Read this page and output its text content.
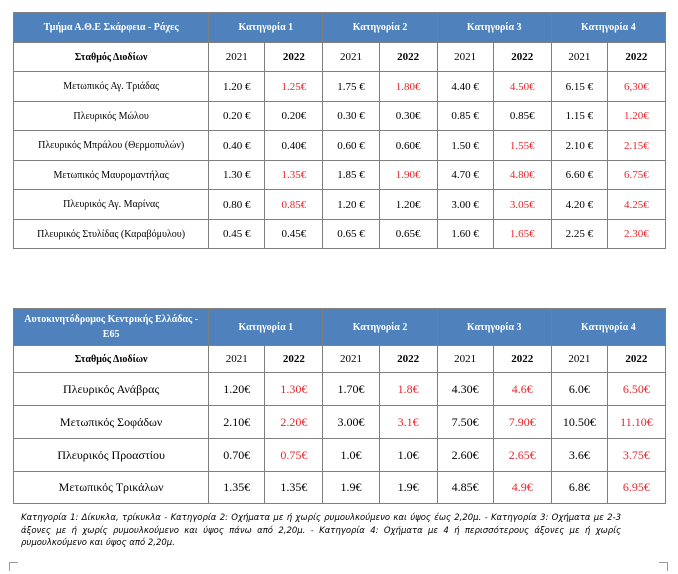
Τμήμα Α.Θ.Ε Σκάρφεια - Ράχες	Κατηγορία 1		Κατηγορία 2		Κατηγορία 3		Κατηγορία 4	
Σταθμός Διοδίων	2021	2022	2021	2022	2021	2022	2021	2022
Μετωπικός Αγ. Τριάδας	1.20 €	1.25€	1.75 €	1.80€	4.40 €	4.50€	6.15 €	6,30€
Πλευρικός Μώλου	0.20 €	0.20€	0.30 €	0.30€	0.85 €	0.85€	1.15 €	1.20€
Πλευρικός Μπράλου (Θερμοπυλών)	0.40 €	0.40€	0.60 €	0.60€	1.50 €	1.55€	2.10 €	2.15€
Μετωπικός Μαυρομαντήλας	1.30 €	1.35€	1.85 €	1.90€	4.70 €	4.80€	6.60 €	6.75€
Πλευρικός Αγ. Μαρίνας	0.80 €	0.85€	1.20 €	1.20€	3.00 €	3.05€	4.20 €	4.25€
Πλευρικός Στυλίδας (Καραβόμυλου)	0.45 €	0.45€	0.65 €	0.65€	1.60 €	1.65€	2.25 €	2.30€
Αυτοκινητόδρομος Κεντρικής Ελλάδας - Ε65	Κατηγορία 1		Κατηγορία 2		Κατηγορία 3		Κατηγορία 4	
Σταθμός Διοδίων	2021	2022	2021	2022	2021	2022	2021	2022
Πλευρικός Ανάβρας	1.20€	1.30€	1.70€	1.8€	4.30€	4.6€	6.0€	6.50€
Μετωπικός Σοφάδων	2.10€	2.20€	3.00€	3.1€	7.50€	7.90€	10.50€	11.10€
Πλευρικός Προαστίου	0.70€	0.75€	1.0€	1.0€	2.60€	2.65€	3.6€	3.75€
Μετωπικός Τρικάλων	1.35€	1.35€	1.9€	1.9€	4.85€	4.9€	6.8€	6.95€
Κατηγορία 1: Δίκυκλα, τρίκυκλα - Κατηγορία 2: Οχήματα με ή χωρίς ρυμουλκούμενο και ύψος έως 2,20μ. - Κατηγορία 3: Οχήματα με 2-3 άξονες με ή χωρίς ρυμουλκούμενο και ύψος πάνω από 2,20μ. - Κατηγορία 4: Οχήματα με 4 ή περισσότερους άξονες με ή χωρίς ρυμουλκούμενο και ύψος από 2,20μ.
